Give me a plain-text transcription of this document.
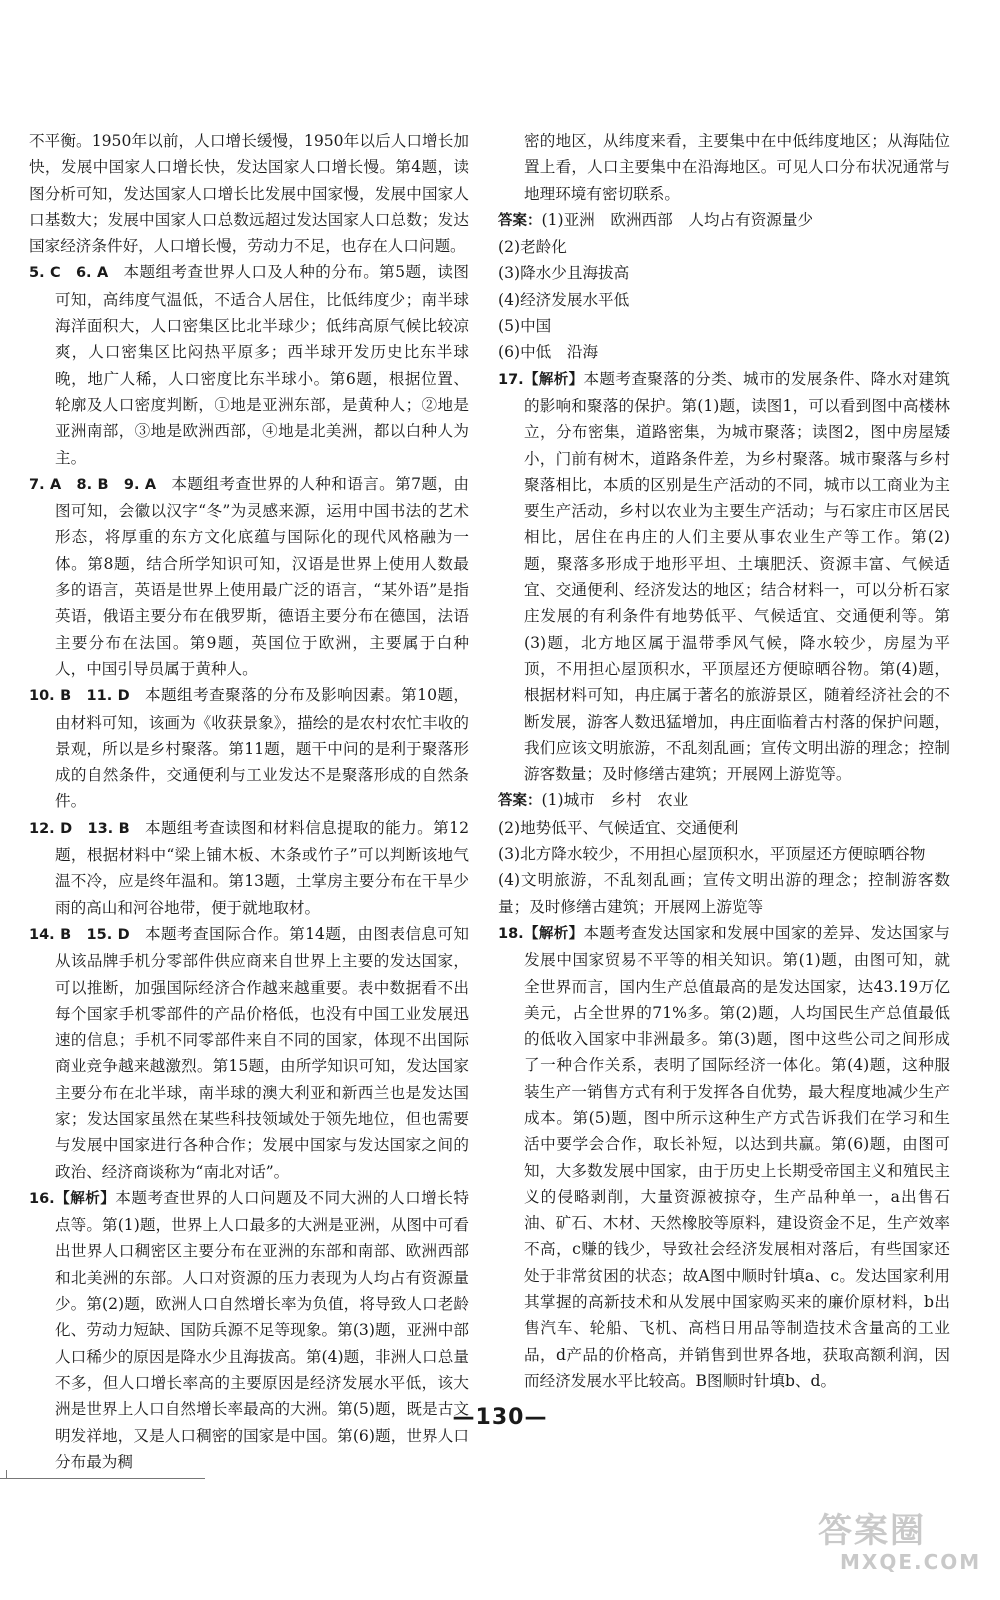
不平衡。1950年以前，人口增长缓慢，1950年以后人口增长加快，发展中国家人口增长快，发达国家人口增长慢。第4题，读图分析可知，发达国家人口增长比发展中国家慢，发展中国家人口基数大；发展中国家人口总数远超过发达国家人口总数；发达国家经济条件好，人口增长慢，劳动力不足，也存在人口问题。

5. C　6. A　本题组考查世界人口及人种的分布。第5题，读图可知，高纬度气温低，不适合人居住，比低纬度少；南半球海洋面积大，人口密集区比北半球少；低纬高原气候比较凉爽，人口密集区比闷热平原多；西半球开发历史比东半球晚，地广人稀，人口密度比东半球小。第6题，根据位置、轮廓及人口密度判断，①地是亚洲东部，是黄种人；②地是亚洲南部，③地是欧洲西部，④地是北美洲，都以白种人为主。

7. A　8. B　9. A　本题组考查世界的人种和语言。第7题，由图可知，会徽以汉字“冬”为灵感来源，运用中国书法的艺术形态，将厚重的东方文化底蕴与国际化的现代风格融为一体。第8题，结合所学知识可知，汉语是世界上使用人数最多的语言，英语是世界上使用最广泛的语言，“某外语”是指英语，俄语主要分布在俄罗斯，德语主要分布在德国，法语主要分布在法国。第9题，英国位于欧洲，主要属于白种人，中国引导员属于黄种人。

10. B　11. D　本题组考查聚落的分布及影响因素。第10题，由材料可知，该画为《收获景象》，描绘的是农村农忙丰收的景观，所以是乡村聚落。第11题，题干中问的是利于聚落形成的自然条件，交通便利与工业发达不是聚落形成的自然条件。

12. D　13. B　本题组考查读图和材料信息提取的能力。第12题，根据材料中“梁上铺木板、木条或竹子”可以判断该地气温不冷，应是终年温和。第13题，土掌房主要分布在干旱少雨的高山和河谷地带，便于就地取材。

14. B　15. D　本题考查国际合作。第14题，由图表信息可知从该品牌手机分零部件供应商来自世界上主要的发达国家，可以推断，加强国际经济合作越来越重要。表中数据看不出每个国家手机零部件的产品价格低，也没有中国工业发展迅速的信息；手机不同零部件来自不同的国家，体现不出国际商业竞争越来越激烈。第15题，由所学知识可知，发达国家主要分布在北半球，南半球的澳大利亚和新西兰也是发达国家；发达国家虽然在某些科技领域处于领先地位，但也需要与发展中国家进行各种合作；发展中国家与发达国家之间的政治、经济商谈称为“南北对话”。

16.【解析】本题考查世界的人口问题及不同大洲的人口增长特点等。第(1)题，世界上人口最多的大洲是亚洲，从图中可看出世界人口稠密区主要分布在亚洲的东部和南部、欧洲西部和北美洲的东部。人口对资源的压力表现为人均占有资源量少。第(2)题，欧洲人口自然增长率为负值，将导致人口老龄化、劳动力短缺、国防兵源不足等现象。第(3)题，亚洲中部人口稀少的原因是降水少且海拔高。第(4)题，非洲人口总量不多，但人口增长率高的主要原因是经济发展水平低，该大洲是世界上人口自然增长率最高的大洲。第(5)题，既是古文明发祥地，又是人口稠密的国家是中国。第(6)题，世界人口分布最为稠

密的地区，从纬度来看，主要集中在中低纬度地区；从海陆位置上看，人口主要集中在沿海地区。可见人口分布状况通常与地理环境有密切联系。

答案：(1)亚洲　欧洲西部　人均占有资源量少

(2)老龄化

(3)降水少且海拔高

(4)经济发展水平低

(5)中国

(6)中低　沿海

17.【解析】本题考查聚落的分类、城市的发展条件、降水对建筑的影响和聚落的保护。第(1)题，读图1，可以看到图中高楼林立，分布密集，道路密集，为城市聚落；读图2，图中房屋矮小，门前有树木，道路条件差，为乡村聚落。城市聚落与乡村聚落相比，本质的区别是生产活动的不同，城市以工商业为主要生产活动，乡村以农业为主要生产活动；与石家庄市区居民相比，居住在冉庄的人们主要从事农业生产等工作。第(2)题，聚落多形成于地形平坦、土壤肥沃、资源丰富、气候适宜、交通便利、经济发达的地区；结合材料一，可以分析石家庄发展的有利条件有地势低平、气候适宜、交通便利等。第(3)题，北方地区属于温带季风气候，降水较少，房屋为平顶，不用担心屋顶积水，平顶屋还方便晾晒谷物。第(4)题，根据材料可知，冉庄属于著名的旅游景区，随着经济社会的不断发展，游客人数迅猛增加，冉庄面临着古村落的保护问题，我们应该文明旅游，不乱刻乱画；宣传文明出游的理念；控制游客数量；及时修缮古建筑；开展网上游览等。

答案：(1)城市　乡村　农业

(2)地势低平、气候适宜、交通便利

(3)北方降水较少，不用担心屋顶积水，平顶屋还方便晾晒谷物

(4)文明旅游，不乱刻乱画；宣传文明出游的理念；控制游客数量；及时修缮古建筑；开展网上游览等

18.【解析】本题考查发达国家和发展中国家的差异、发达国家与发展中国家贸易不平等的相关知识。第(1)题，由图可知，就全世界而言，国内生产总值最高的是发达国家，达43.19万亿美元，占全世界的71%多。第(2)题，人均国民生产总值最低的低收入国家中非洲最多。第(3)题，图中这些公司之间形成了一种合作关系，表明了国际经济一体化。第(4)题，这种服装生产一销售方式有利于发挥各自优势，最大程度地减少生产成本。第(5)题，图中所示这种生产方式告诉我们在学习和生活中要学会合作，取长补短，以达到共赢。第(6)题，由图可知，大多数发展中国家，由于历史上长期受帝国主义和殖民主义的侵略剥削，大量资源被掠夺，生产品种单一，a出售石油、矿石、木材、天然橡胶等原料，建设资金不足，生产效率不高，c赚的钱少，导致社会经济发展相对落后，有些国家还处于非常贫困的状态；故A图中顺时针填a、c。发达国家利用其掌握的高新技术和从发展中国家购买来的廉价原材料，b出售汽车、轮船、飞机、高档日用品等制造技术含量高的工业品，d产品的价格高，并销售到世界各地，获取高额利润，因而经济发展水平比较高。B图顺时针填b、d。

—130—
答案圈
MXQE.COM
